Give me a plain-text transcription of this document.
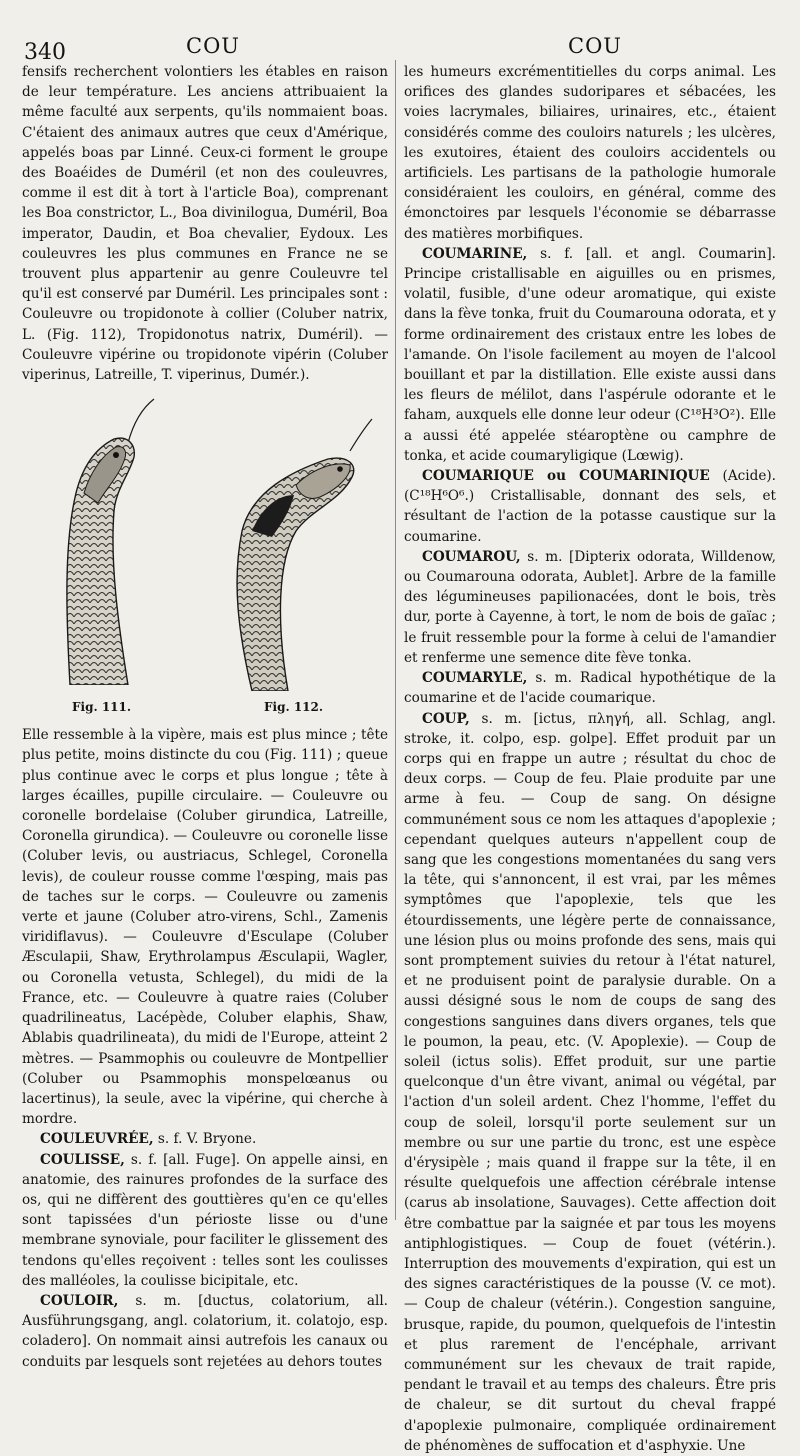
340	COU	COU

fensifs recherchent volontiers les étables en raison de leur température. Les anciens attribuaient la même faculté aux serpents, qu'ils nommaient boas. C'étaient des animaux autres que ceux d'Amérique, appelés boas par Linné. Ceux-ci forment le groupe des Boaéides de Duméril (et non des couleuvres, comme il est dit à tort à l'article Boa), comprenant les Boa constrictor, L., Boa divinilogua, Duméril, Boa imperator, Daudin, et Boa chevalier, Eydoux. Les couleuvres les plus communes en France ne se trouvent plus appartenir au genre Couleuvre tel qu'il est conservé par Duméril. Les principales sont : Couleuvre ou tropidonote à collier (Coluber natrix, L. (Fig. 112), Tropidonotus natrix, Duméril). — Couleuvre vipérine ou tropidonote vipérin (Coluber viperinus, Latreille, T. viperinus, Dumér.).

Fig. 111.	Fig. 112.

Elle ressemble à la vipère, mais est plus mince ; tête plus petite, moins distincte du cou (Fig. 111) ; queue plus continue avec le corps et plus longue ; tête à larges écailles, pupille circulaire. — Couleuvre ou coronelle bordelaise (Coluber girundica, Latreille, Coronella girundica). — Couleuvre ou coronelle lisse (Coluber levis, ou austriacus, Schlegel, Coronella levis), de couleur rousse comme l'œsping, mais pas de taches sur le corps. — Couleuvre ou zamenis verte et jaune (Coluber atro-virens, Schl., Zamenis viridiflavus). — Couleuvre d'Esculape (Coluber Æsculapii, Shaw, Erythrolampus Æsculapii, Wagler, ou Coronella vetusta, Schlegel), du midi de la France, etc. — Couleuvre à quatre raies (Coluber quadrilineatus, Lacépède, Coluber elaphis, Shaw, Ablabis quadrilineata), du midi de l'Europe, atteint 2 mètres. — Psammophis ou couleuvre de Montpellier (Coluber ou Psammophis monspelœanus ou lacertinus), la seule, avec la vipérine, qui cherche à mordre.

COULEUVRÉE, s. f. V. Bryone.

COULISSE, s. f. [all. Fuge]. On appelle ainsi, en anatomie, des rainures profondes de la surface des os, qui ne diffèrent des gouttières qu'en ce qu'elles sont tapissées d'un périoste lisse ou d'une membrane synoviale, pour faciliter le glissement des tendons qu'elles reçoivent : telles sont les coulisses des malléoles, la coulisse bicipitale, etc.

COULOIR, s. m. [ductus, colatorium, all. Ausführungsgang, angl. colatorium, it. colatojo, esp. coladero]. On nommait ainsi autrefois les canaux ou conduits par lesquels sont rejetées au dehors toutes

les humeurs excrémentitielles du corps animal. Les orifices des glandes sudoripares et sébacées, les voies lacrymales, biliaires, urinaires, etc., étaient considérés comme des couloirs naturels ; les ulcères, les exutoires, étaient des couloirs accidentels ou artificiels. Les partisans de la pathologie humorale considéraient les couloirs, en général, comme des émonctoires par lesquels l'économie se débarrasse des matières morbifiques.

COUMARINE, s. f. [all. et angl. Coumarin]. Principe cristallisable en aiguilles ou en prismes, volatil, fusible, d'une odeur aromatique, qui existe dans la fève tonka, fruit du Coumarouna odorata, et y forme ordinairement des cristaux entre les lobes de l'amande. On l'isole facilement au moyen de l'alcool bouillant et par la distillation. Elle existe aussi dans les fleurs de mélilot, dans l'aspérule odorante et le faham, auxquels elle donne leur odeur (C¹⁸H³O²). Elle a aussi été appelée stéaroptène ou camphre de tonka, et acide coumaryligique (Lœwig).

COUMARIQUE ou COUMARINIQUE (Acide). (C¹⁸H⁶O⁶.) Cristallisable, donnant des sels, et résultant de l'action de la potasse caustique sur la coumarine.

COUMAROU, s. m. [Dipterix odorata, Willdenow, ou Coumarouna odorata, Aublet]. Arbre de la famille des légumineuses papilionacées, dont le bois, très dur, porte à Cayenne, à tort, le nom de bois de gaïac ; le fruit ressemble pour la forme à celui de l'amandier et renferme une semence dite fève tonka.

COUMARYLE, s. m. Radical hypothétique de la coumarine et de l'acide coumarique.

COUP, s. m. [ictus, πληγή, all. Schlag, angl. stroke, it. colpo, esp. golpe]. Effet produit par un corps qui en frappe un autre ; résultat du choc de deux corps. — Coup de feu. Plaie produite par une arme à feu. — Coup de sang. On désigne communément sous ce nom les attaques d'apoplexie ; cependant quelques auteurs n'appellent coup de sang que les congestions momentanées du sang vers la tête, qui s'annoncent, il est vrai, par les mêmes symptômes que l'apoplexie, tels que les étourdissements, une légère perte de connaissance, une lésion plus ou moins profonde des sens, mais qui sont promptement suivies du retour à l'état naturel, et ne produisent point de paralysie durable. On a aussi désigné sous le nom de coups de sang des congestions sanguines dans divers organes, tels que le poumon, la peau, etc. (V. Apoplexie). — Coup de soleil (ictus solis). Effet produit, sur une partie quelconque d'un être vivant, animal ou végétal, par l'action d'un soleil ardent. Chez l'homme, l'effet du coup de soleil, lorsqu'il porte seulement sur un membre ou sur une partie du tronc, est une espèce d'érysipèle ; mais quand il frappe sur la tête, il en résulte quelquefois une affection cérébrale intense (carus ab insolatione, Sauvages). Cette affection doit être combattue par la saignée et par tous les moyens antiphlogistiques. — Coup de fouet (vétérin.). Interruption des mouvements d'expiration, qui est un des signes caractéristiques de la pousse (V. ce mot). — Coup de chaleur (vétérin.). Congestion sanguine, brusque, rapide, du poumon, quelquefois de l'intestin et plus rarement de l'encéphale, arrivant communément sur les chevaux de trait rapide, pendant le travail et au temps des chaleurs. Être pris de chaleur, se dit surtout du cheval frappé d'apoplexie pulmonaire, compliquée ordinairement de phénomènes de suffocation et d'asphyxie. Une
